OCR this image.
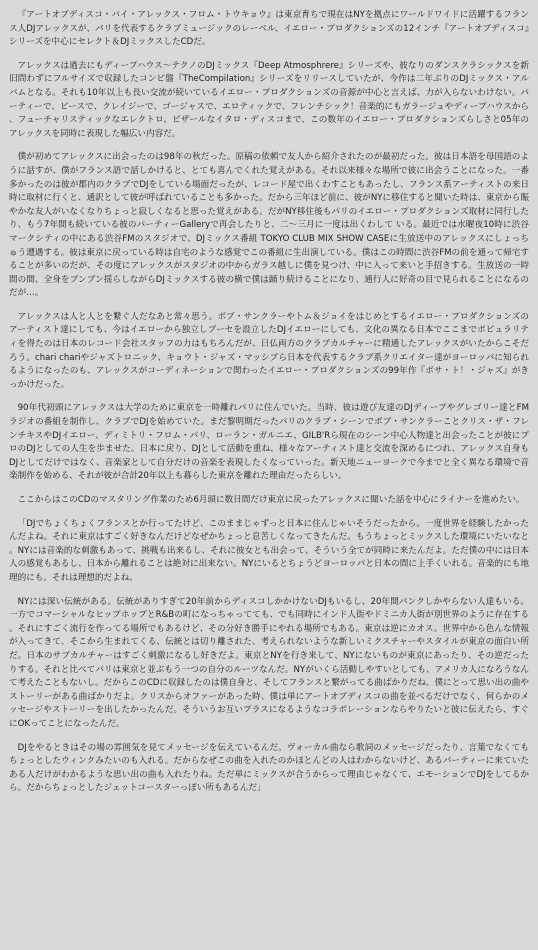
『アートオブディスコ・バイ・アレックス・フロム・トウキョウ』は東京育ちで現在はNYを拠点にワールドワイドに活躍するフランス人DJアレックスが、パリを代表するクラブミュージックのレーベル、イエロー・プロダクションズの12インチ『アートオブディスコ』シリーズを中心にセレクト＆DJミックスしたCDだ。

アレックスは過去にもディープハウス～テクノのDJミックス『Deep Atmosphrere』シリーズや、彼なりのダンスクラシックスを新旧問わずにフルサイズで収録したコンピ盤『TheCompilation』シリーズをリリースしていたが、今作は二年ぶりのDJミックス・アルバムとなる。それも10年以上も長い交流が続いているイエロー・プロダクションズの音源が中心と言えば、力が入らないわけない。パーティーで、ピースで、クレイジーで、ゴージャスで、エロティックで、フレンチシック！音楽的にもガラージュやディープハウスから、フューチャリスティックなエレクトロ、ビザールなイタロ・ディスコまで、この数年のイエロー・プロダクションズらしさと05年のアレックスを同時に表現した幅広い内容だ。

僕が初めてアレックスに出会ったのは98年の秋だった。原稿の依頼で友人から紹介されたのが最初だった。彼は日本語を母国語のように話すが、僕がフランス語で話しかけると、とても喜んでくれた覚えがある。それ以来様々な場所で彼に出会うことになった。一番多かったのは彼が都内のクラブでDJをしている場面だったが、レコード屋で出くわすこともあったし、フランス系アーティストの来日時に取材に行くと、通訳として彼が呼ばれていることも多かった。だから三年ほど前に、彼がNYに移住すると聞いた時は、東京から賑やかな友人がいなくなりちょっと寂しくなると思った覚えがある。だがNY移住後もパリのイエロー・プロダクションズ取材に同行したり、もう7年間も続いている彼のパーティーGalleryで再会したりと、二～三月に一度は出くわして いる。最近では水曜夜10時に渋谷マークシティの中にある渋谷FMのスタジオで、DJミックス番組 TOKYO CLUB MIX SHOW CASEに生放送中のアレックスにしょっちゅう遭遇する。彼は東京に戻っている時は自宅のような感覚でこの番組に生出演している。僕はこの時間に渋谷FMの前を通って帰宅することが多いのだが、その度にアレックスがスタジオの中からガラス越しに僕を見つけ、中に入って来いと手招きする。生放送の一時間の間、全身をブンブン揺らしながらDJミックスする彼の横で僕は踊り続けることになり、通行人に好奇の目で見られることになるのだが…。

アレックスは人と人とを繋ぐ人だなあと常々思う。ボブ・サンクラーやトム＆ジョイをはじめとするイエロー・プロダクションズのアーティスト達にしても、今はイエローから独立しブーセを設立したDJイエローにしても、文化の異なる日本でここまでポピュラリティを得たのは日本のレコード会社スタッフの力はもちろんだが、日仏両方のクラブカルチャーに精通したアレックスがいたからこそだろう。chari chariやジャズトロニック、キョウト・ジャズ・マッシブら日本を代表するクラブ系クリエイター達がヨーロッパに知られるようになったのも、アレックスがコーディネーションで関わったイエロー・プロダクションズの99年作『ボサ・ト！・ジャズ』がきっかけだった。

90年代初頭にアレックスは大学のために東京を一時離れパリに住んでいた。当時、彼は遊び友達のDJディープやグレゴリー達とFMラジオの番組を制作し、クラブでDJを始めていた。まだ黎明期だったパリのクラブ・シーンでボブ・サンクラーことクリス・ザ・フレンチキスやDJイエロー、ディミトリ・フロム・パリ、ローラン・ガルニエ、GILB'Rら現在のシーン中心人物達と出会ったことが彼にプロのDJとしての人生を歩ませた。日本に戻り、DJとして活動を重ね、様々なアーティスト達と交流を深めるにつれ、アレックス自身もDJとしてだけではなく、音楽家として自分だけの音楽を表現したくなっていった。新天地ニューヨークで今までと全く異なる環境で音楽制作を始める、それが彼が合計20年以上も暮らした東京を離れた理由だったらしい。

ここからはこのCDのマスタリング作業のため6月頭に数日間だけ東京に戻ったアレックスに聞いた話を中心にライナーを進めたい。

「DJでちょくちょくフランスとか行ってたけど、このままじゃずっと日本に住んじゃいそうだったから。一度世界を経験したかったんだよね。それに東京はすごく好きなんだけどなぜかちょっと息苦しくなってきたんだ。もうちょっとミックスした環境にいたいなと。NYには音楽的な刺激もあって、挑戦も出来るし、それに彼女とも出会って、そういう全てが同時に来たんだよ。ただ僕の中には日本人の感覚もあるし、日本から離れることは絶対に出来ない。NYにいるとちょうどヨーロッパと日本の間に上手くいれる。音楽的にも地理的にも。それは理想的だよね。

NYには深い伝統がある。伝統がありすぎて20年前からディスコしかかけないDJもいるし、20年間パンクしかやらない人達もいる。一方でコマーシャルなヒップホップとR&Bの町になっちゃってても、でも同時にインド人街やドミニカ人街が別世界のように存在する。それにすごく流行を作ってる場所でもあるけど、その分好き勝手にやれる場所でもある。東京は逆にカオス。世界中から色んな情報が入ってきて、そこから生まれてくる、伝統とは切り離された、考えられないような新しいミクスチャーやスタイルが東京の面白い所だ。日本のサブカルチャーはすごく刺激になるし好きだよ。東京とNYを行き来して、NYにないものが東京にあったり、その逆だったりする。それと比べてパリは東京と並ぶもう一つの自分のルーツなんだ。NYがいくら活動しやすいとしても、アメリカ人になろうなんて考えたこともないし。だからこのCDに収録したのは僕自身と、そしてフランスと繋がってる曲ばかりだね。僕にとって思い出の曲やストーリーがある曲ばかりだよ。クリスからオファーがあった時、僕は単にアートオブディスコの曲を並べるだけでなく、何らかのメッセージやストーリーを出したかったんだ。そういうお互いプラスになるようなコラボレーションならやりたいと彼に伝えたら、すぐにOKってことになったんだ。

DJをやるときはその場の雰囲気を見てメッセージを伝えているんだ。ヴォーカル曲なら歌詞のメッセージだったり、言葉でなくてもちょっとしたウィンクみたいのも入れる。だからなぜこの曲を入れたのかほとんどの人はわからないけど、あるパーティーに来ていたある人だけがわかるような思い出の曲も入れたりね。ただ単にミックスが合うからって理由じゃなくて、エモーションでDJをしてるから。だからちょっとしたジェットコースターっぽい所もあるんだ」
